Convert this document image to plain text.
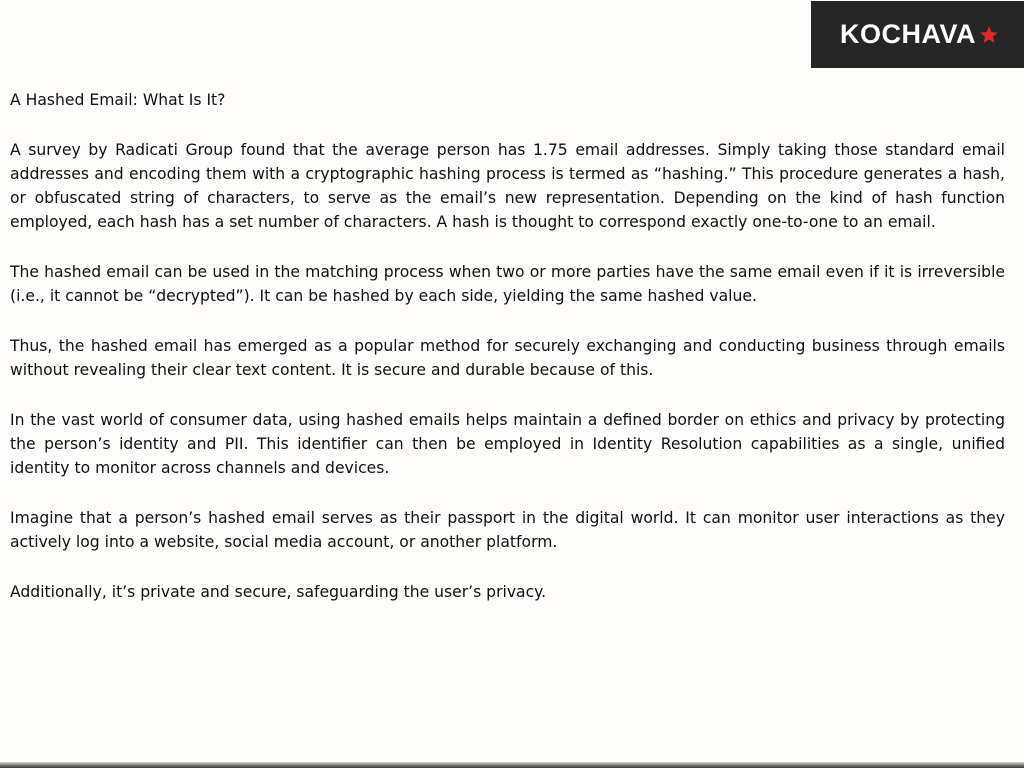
KOCHAVA

A Hashed Email: What Is It?

A survey by Radicati Group found that the average person has 1.75 email addresses. Simply taking those standard email addresses and encoding them with a cryptographic hashing process is termed as “hashing.” This procedure generates a hash, or obfuscated string of characters, to serve as the email’s new representation. Depending on the kind of hash function employed, each hash has a set number of characters. A hash is thought to correspond exactly one-to-one to an email.

The hashed email can be used in the matching process when two or more parties have the same email even if it is irreversible (i.e., it cannot be “decrypted”). It can be hashed by each side, yielding the same hashed value.

Thus, the hashed email has emerged as a popular method for securely exchanging and conducting business through emails without revealing their clear text content. It is secure and durable because of this.

In the vast world of consumer data, using hashed emails helps maintain a defined border on ethics and privacy by protecting the person’s identity and PII. This identifier can then be employed in Identity Resolution capabilities as a single, unified identity to monitor across channels and devices.

Imagine that a person’s hashed email serves as their passport in the digital world. It can monitor user interactions as they actively log into a website, social media account, or another platform.

Additionally, it’s private and secure, safeguarding the user’s privacy.
